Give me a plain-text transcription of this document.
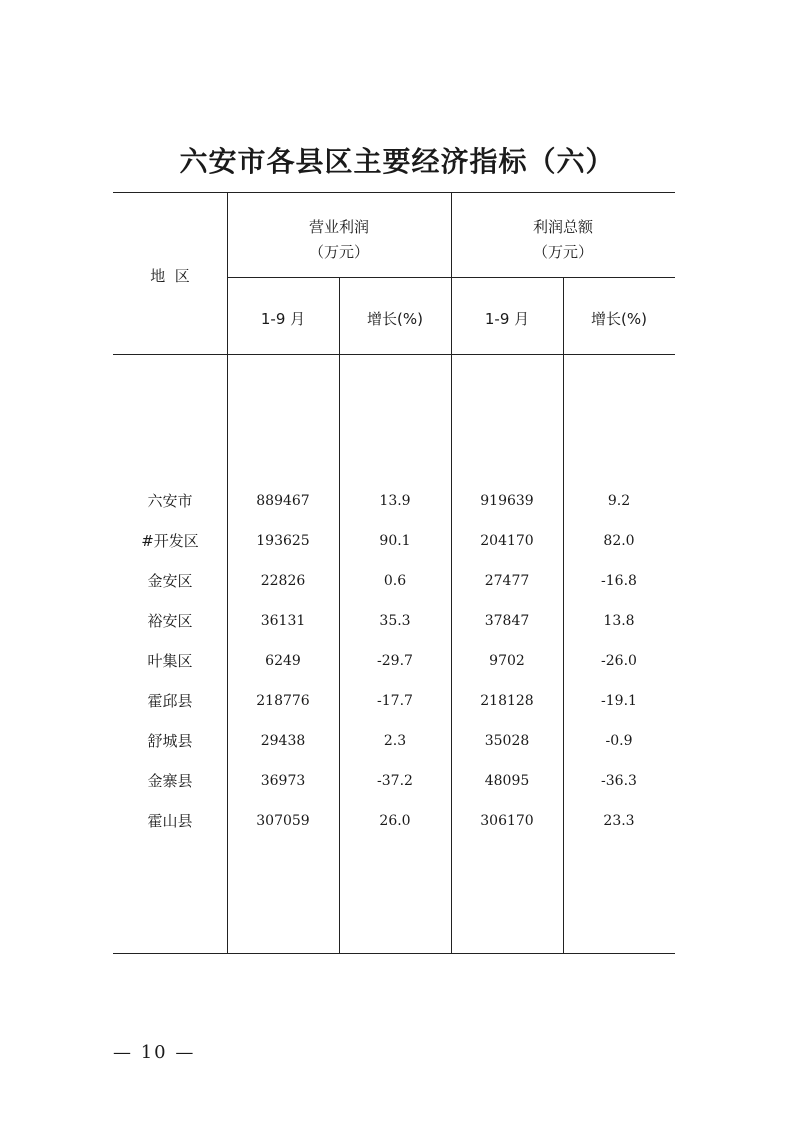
六安市各县区主要经济指标（六）
地  区
营业利润
（万元）
利润总额
（万元）
1-9 月	增长(%)	1-9 月	增长(%)
六安市	889467	13.9	919639	9.2
#开发区	193625	90.1	204170	82.0
金安区	22826	0.6	27477	-16.8
裕安区	36131	35.3	37847	13.8
叶集区	6249	-29.7	9702	-26.0
霍邱县	218776	-17.7	218128	-19.1
舒城县	29438	2.3	35028	-0.9
金寨县	36973	-37.2	48095	-36.3
霍山县	307059	26.0	306170	23.3
— 10 —
